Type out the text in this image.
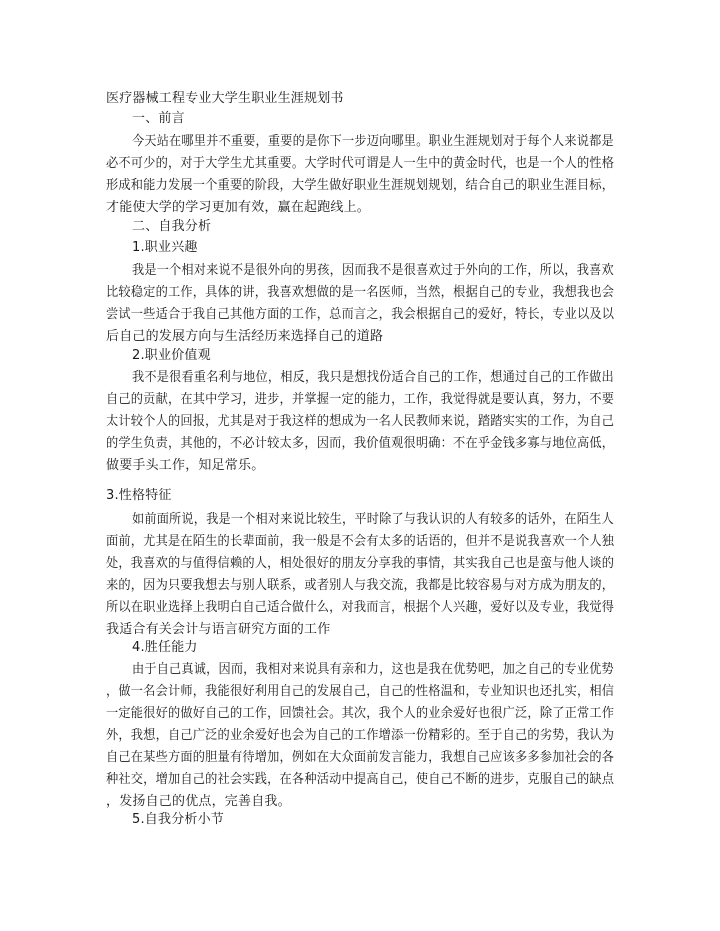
医疗器械工程专业大学生职业生涯规划书
一、前言
今天站在哪里并不重要，重要的是你下一步迈向哪里。职业生涯规划对于每个人来说都是
必不可少的，对于大学生尤其重要。大学时代可谓是人一生中的黄金时代，也是一个人的性格
形成和能力发展一个重要的阶段，大学生做好职业生涯规划规划，结合自己的职业生涯目标，
才能使大学的学习更加有效，赢在起跑线上。
二、自我分析
1.职业兴趣
我是一个相对来说不是很外向的男孩，因而我不是很喜欢过于外向的工作，所以，我喜欢
比较稳定的工作，具体的讲，我喜欢想做的是一名医师，当然，根据自己的专业，我想我也会
尝试一些适合于我自己其他方面的工作，总而言之，我会根据自己的爱好，特长，专业以及以
后自己的发展方向与生活经历来选择自己的道路
2.职业价值观
我不是很看重名利与地位，相反，我只是想找份适合自己的工作，想通过自己的工作做出
自己的贡献，在其中学习，进步，并掌握一定的能力，工作，我觉得就是要认真，努力，不要
太计较个人的回报，尤其是对于我这样的想成为一名人民教师来说，踏踏实实的工作，为自己
的学生负责，其他的，不必计较太多，因而，我价值观很明确：不在乎金钱多寡与地位高低，
做要手头工作，知足常乐。
3.性格特征
如前面所说，我是一个相对来说比较生，平时除了与我认识的人有较多的话外，在陌生人
面前，尤其是在陌生的长辈面前，我一般是不会有太多的话语的，但并不是说我喜欢一个人独
处，我喜欢的与值得信赖的人，相处很好的朋友分享我的事情，其实我自己也是蛮与他人谈的
来的，因为只要我想去与别人联系，或者别人与我交流，我都是比较容易与对方成为朋友的，
所以在职业选择上我明白自己适合做什么，对我而言，根据个人兴趣，爱好以及专业，我觉得
我适合有关会计与语言研究方面的工作
4.胜任能力
由于自己真诚，因而，我相对来说具有亲和力，这也是我在优势吧，加之自己的专业优势
，做一名会计师，我能很好利用自己的发展自己，自己的性格温和，专业知识也还扎实，相信
一定能很好的做好自己的工作，回馈社会。其次，我个人的业余爱好也很广泛，除了正常工作
外，我想，自己广泛的业余爱好也会为自己的工作增添一份精彩的。至于自己的劣势，我认为
自己在某些方面的胆量有待增加，例如在大众面前发言能力，我想自己应该多多参加社会的各
种社交，增加自己的社会实践，在各种活动中提高自己，使自己不断的进步，克服自己的缺点
，发扬自己的优点，完善自我。
5.自我分析小节
